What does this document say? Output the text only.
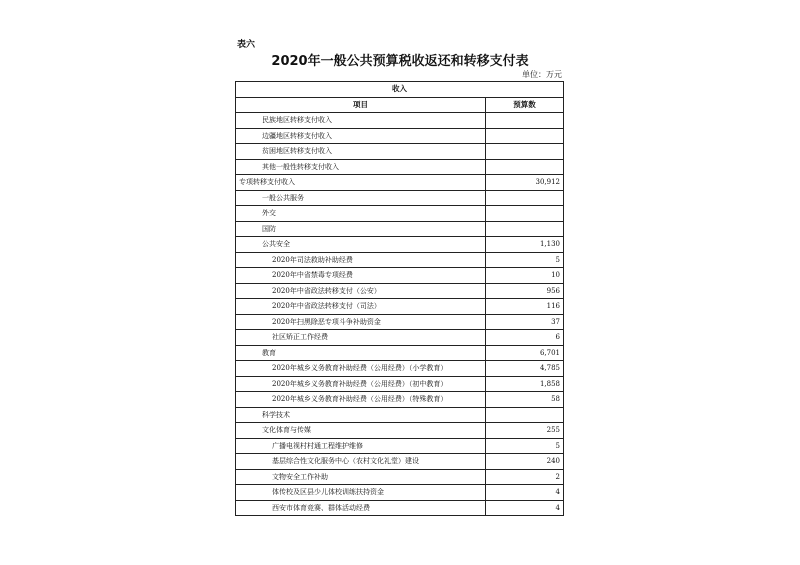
表六
2020年一般公共预算税收返还和转移支付表
单位：万元
收入	
项目	预算数
民族地区转移支付收入	
边疆地区转移支付收入	
贫困地区转移支付收入	
其他一般性转移支付收入	
专项转移支付收入	30,912
一般公共服务	
外交	
国防	
公共安全	1,130
2020年司法救助补助经费	5
2020年中省禁毒专项经费	10
2020年中省政法转移支付（公安）	956
2020年中省政法转移支付（司法）	116
2020年扫黑除恶专项斗争补助资金	37
社区矫正工作经费	6
教育	6,701
2020年城乡义务教育补助经费（公用经费）（小学教育）	4,785
2020年城乡义务教育补助经费（公用经费）（初中教育）	1,858
2020年城乡义务教育补助经费（公用经费）（特殊教育）	58
科学技术	
文化体育与传媒	255
广播电视村村通工程维护维修	5
基层综合性文化服务中心（农村文化礼堂）建设	240
文物安全工作补助	2
体传校及区县少儿体校训练扶持资金	4
西安市体育竞赛、群体活动经费	4
